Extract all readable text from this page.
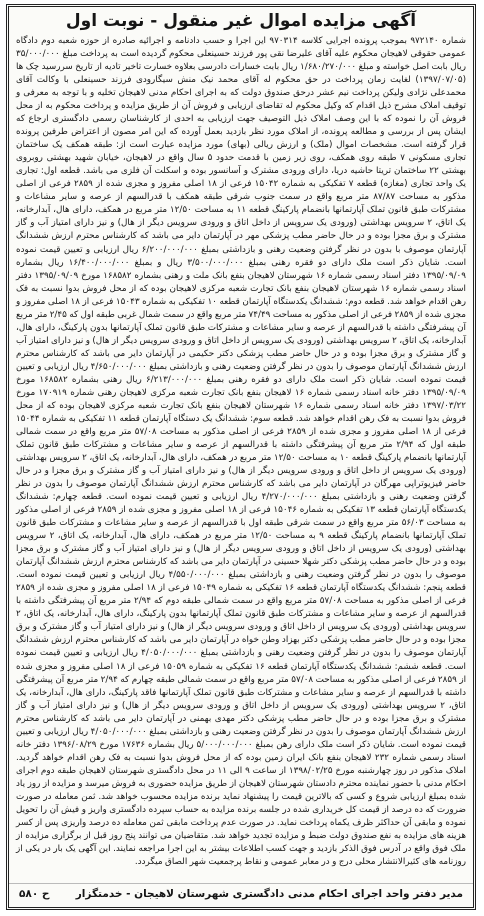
آگهی مزایده اموال غیر منقول - نوبت اول

شماره ۹۷۲۱۴۰ بموجب پرونده اجرایی کلاسه ۹۷۰۳۱۴ این اجرا و حسب دادنامه و اجرائیه صادره از حوزه شعبه دوم دادگاه عمومی حقوقی لاهیجان محکوم علیه آقای علیرضا نقی پور فرزند حسینعلی محکوم گردیده است به پرداخت مبلغ ۳۵/۰۰۰/۰۰۰ ریال بابت اصل خواسته و مبلغ ۱/۶۸۰/۲۷۰/۰۰۰ ریال بابت خسارات دادرسی بعلاوه خسارت تاخیر تادیه از تاریخ سررسید چک ها (۱۳۹۷/۰۷/۰۵) لغایت زمان پرداخت در حق محکوم له آقای محمد نیک منش سیگارودی فرزند حسینعلی با وکالت آقای محمدعلی نژادی ولیکن پرداخت نیم عشر درحق صندوق دولت که به اجرای احکام مدنی لاهیجان تخلیه و با توجه به معرفی و توقیف املاک مشرح ذیل اقدام که وکیل محکوم له تقاضای ارزیابی و فروش آن از طریق مزایده و پرداخت محکوم به از محل فروش آن را نموده که با این وصف املاک ذیل التوصیف جهت ارزیابی به احدی از کارشناسان رسمی دادگستری ارجاع که ایشان پس از بررسی و مطالعه پرونده، از املاک مورد نظر بازدید بعمل آورده که این امر مصون از اعتراض طرفین پرونده قرار گرفته است. مشخصات اموال (ملک) و ارزش ریالی (بهای) مورد مزایده عبارت است از: طبقه همکف یک ساختمان تجاری مسکونی ۷ طبقه روی همکف، روی زیر زمین با قدمت حدود ۵ سال واقع در لاهیجان، خیابان شهید بهشتی روبروی بهشتی ۲۲ ساختمان تریتا حاشیه دریا، دارای ورودی مشترک و آسانسور بوده و اسکلت آن فلزی می باشد. قطعه اول: تجاری یک واحد تجاری (مغازه) قطعه ۷ تفکیکی به شماره ۱۵۰۴۲ فرعی از ۱۸ اصلی مفروز و مجزی شده از ۲۸۵۹ فرعی از اصلی مذکور به مساحت ۸۷/۸۷ متر مربع واقع در سمت جنوب شرقی طبقه همکف با قدرالسهم از عرصه و سایر مشاعات و مشترکات طبق قانون تملک آپارتمانها بانضمام پارکینگ قطعه ۱۱ به مساحت ۱۲/۵۰ متر مربع در همکف، دارای هال، آبدارخانه، یک اتاق، ۲ سرویس بهداشتی (ورودی یک سرویس از داخل اتاق و ورودی سرویس دیگر از هال) و نیز دارای امتیاز آب و گاز مشترک و برق مجزا بوده و در حال حاضر مطب پزشکی مهر در آپارتمان دایر می باشد که کارشناس محترم ارزش ششدانگ آپارتمان موصوف با بدون در نظر گرفتن وضعیت رهنی و بازداشتی بمبلغ ۶/۲۰۰/۰۰۰/۰۰۰ ریال ارزیابی و تعیین قیمت نموده است. شایان ذکر است ملک دارای دو فقره رهنی بمبلغ ۳/۵۰۰/۰۰۰/۰۰۰ ریال و بمبلغ ۱۶/۴۰۰/۰۰۰/۰۰۰ ریال بشماره ۱۳۹۵/۰۹/۰۹ دفتر اسناد رسمی شماره ۱۶ شهرستان لاهیجان بنفع بانک ملت و رهنی بشماره ۱۶۸۵۸۲ مورخ ۱۳۹۵/۰۹/۰۹ دفتر اسناد رسمی شماره ۱۶ شهرستان لاهیجان بنفع بانک تجارت شعبه مرکزی لاهیجان بوده که از محل فروش بدوا نسبت به فک رهن اقدام خواهد شد. قطعه دوم: ششدانگ یکدستگاه آپارتمان قطعه ۱۰ تفکیکی به شماره ۱۵۰۴۳ فرعی از ۱۸ اصلی مفروز و مجزی شده از ۲۸۵۹ فرعی از اصلی مذکور به مساحت ۷۴/۴۹ متر مربع واقع در سمت شمال غربی طبقه اول که ۲/۴۵ متر مربع آن پیشرفتگی داشته با قدرالسهم از عرصه و سایر مشاعات و مشترکات طبق قانون تملک آپارتمانها بدون پارکینگ، دارای هال، آبدارخانه، یک اتاق، ۲ سرویس بهداشتی (ورودی یک سرویس از داخل اتاق و ورودی سرویس دیگر از هال) و نیز دارای امتیاز آب و گاز مشترک و برق مجزا بوده و در حال حاضر مطب پزشکی دکتر حکیمی در آپارتمان دایر می باشد که کارشناس محترم ارزش ششدانگ آپارتمان موصوف را بدون در نظر گرفتن وضعیت رهنی و بازداشتی بمبلغ ۴/۶۵۰/۰۰۰/۰۰۰ ریال ارزیابی و تعیین قیمت نموده است. شایان ذکر است ملک دارای دو فقره رهنی بمبلغ ۶/۲۱۳/۰۰۰/۰۰۰ ریال رهنی بشماره ۱۶۸۵۸۲ مورخ ۱۳۹۵/۰۹/۰۹ دفتر خانه اسناد رسمی شماره ۱۶ لاهیجان بنفع بانک تجارت شعبه مرکزی لاهیجان رهنی شماره ۱۷۰۹۱۹ مورخ ۱۳۹۷/۰۳/۲۲ دفتر خانه اسناد رسمی شماره ۱۶ شهرستان لاهیجان بنفع بانک تجارت شعبه مرکزی لاهیجان بوده که از محل فروش بدوا نسبت به فک رهن اقدام خواهد شد. قطعه سوم: ششدانگ یک دستگاه آپارتمان قطعه ۱۱ تفکیکی به شماره ۱۵۰۴۴ فرعی از ۱۸ اصلی مفروز و مجزی شده از ۲۸۵۹ فرعی از اصلی مذکور به مساحت ۵۷/۰۸ متر مربع واقع در سمت شمالی طبقه اول که ۲/۹۴ متر مربع آن پیشرفتگی داشته با قدرالسهم از عرصه و سایر مشاعات و مشترکات طبق قانون تملک آپارتمانها بانضمام پارکینگ قطعه ۱۰ به مساحت ۱۲/۵۰ متر مربع در همکف، دارای هال، آبدارخانه، یک اتاق، ۲ سرویس بهداشتی (ورودی یک سرویس از داخل اتاق و ورودی سرویس دیگر از هال) و نیز دارای امتیاز آب و گاز مشترک و برق مجزا و در حال حاضر فیزیوتراپی مهرگان در آپارتمان دایر می باشد که کارشناس محترم ارزش ششدانگ آپارتمان موصوف را بدون در نظر گرفتن وضعیت رهنی و بازداشتی بمبلغ ۴/۲۷۰/۰۰۰/۰۰۰ ریال ارزیابی و تعیین قیمت نموده است. قطعه چهارم: ششدانگ یکدستگاه آپارتمان قطعه ۱۳ تفکیکی به شماره ۱۵۰۴۶ فرعی از ۱۸ اصلی مفروز و مجزی شده از ۲۸۵۹ فرعی از اصلی مذکور به مساحت ۵۶/۰۳ متر مربع واقع در سمت شرقی طبقه اول با قدرالسهم از عرصه و سایر مشاعات و مشترکات طبق قانون تملک آپارتمانها بانضمام پارکینگ قطعه ۹ به مساحت ۱۲/۵۰ متر مربع در همکف، دارای هال، آبدارخانه، یک اتاق، ۲ سرویس بهداشتی (ورودی یک سرویس از داخل اتاق و ورودی سرویس دیگر از هال) و نیز دارای امتیاز آب و گاز مشترک و برق مجزا بوده و در حال حاضر مطب پزشکی دکتر شهلا حسینی در آپارتمان دایر می باشد که کارشناس محترم ارزش ششدانگ آپارتمان موصوف را بدون در نظر گرفتن وضعیت رهنی و بازداشتی بمبلغ ۴/۵۵۰/۰۰۰/۰۰۰ ریال ارزیابی و تعیین قیمت نموده است. قطعه پنجم: ششدانگ یکدستگاه آپارتمان قطعه ۱۶ تفکیکی به شماره ۱۵۰۴۹ فرعی از ۱۸ اصلی مفروز و مجزی شده از ۲۸۵۹ فرعی از اصلی مذکور به مساحت ۵۷/۰۸ متر مربع واقع در سمت شمالی طبقه دوم که ۲/۹۴ متر مربع آن پیشرفتگی داشته با قدرالسهم از عرصه و سایر مشاعات و مشترکات طبق قانون تملک آپارتمانها بدون پارکینگ، دارای هال، آبدارخانه، یک اتاق، ۲ سرویس بهداشتی (ورودی یک سرویس از داخل اتاق و ورودی سرویس دیگر از هال) و نیز دارای امتیاز آب و گاز مشترک و برق مجزا بوده و در حال حاضر مطب پزشکی دکتر بهزاد وطن خواه در آپارتمان دایر می باشد که کارشناس محترم ارزش ششدانگ آپارتمان موصوف را بدون در نظر گرفتن وضعیت رهنی و بازداشتی بمبلغ ۴/۰۵۰/۰۰۰/۰۰۰ ریال ارزیابی و تعیین قیمت نموده است. قطعه ششم: ششدانگ یکدستگاه آپارتمان قطعه ۱۶ تفکیکی به شماره ۱۵۰۵۹ فرعی از ۱۸ اصلی مفروز و مجزی شده از ۲۸۵۹ فرعی از اصلی مذکور به مساحت ۵۷/۰۸ متر مربع واقع در سمت شمالی طبقه چهارم که ۲/۹۴ متر مربع آن پیشرفتگی داشته با قدرالسهم از عرصه و سایر مشاعات و مشترکات طبق قانون تملک آپارتمانها فاقد پارکینگ، دارای هال، آبدارخانه، یک اتاق، ۲ سرویس بهداشتی (ورودی یک سرویس از داخل اتاق و ورودی سرویس دیگر از هال) و نیز دارای امتیاز آب و گاز مشترک و برق مجزا بوده و در حال حاضر مطب پزشکی دکتر مهدی بهمنی در آپارتمان دایر می باشد که کارشناس محترم ارزش ششدانگ آپارتمان موصوف را بدون در نظر گرفتن وضعیت رهنی و بازداشتی بمبلغ ۴/۰۵۰/۰۰۰/۰۰۰ ریال ارزیابی و تعیین قیمت نموده است. شایان ذکر است ملک دارای رهن بمبلغ ۵/۰۰۰/۰۰۰/۰۰۰ ریال بشماره ۱۷۶۳۶ مورخ ۱۳۹۶/۰۸/۲۹ دفتر خانه اسناد رسمی شماره ۲۳۲ لاهیجان بنفع بانک ایران زمین بوده که از محل فروش بدوا نسبت به فک رهن اقدام خواهد گردید. املاک مذکور در روز چهارشنبه مورخ ۱۳۹۸/۰۲/۲۵ از ساعت ۹ الی ۱۱ در محل دادگستری شهرستان لاهیجان طبقه دوم اجرای احکام مدنی با حضور نماینده محترم دادستان شهرستان لاهیجان از طریق مزایده حضوری به فروش میرسد و مزایده از روز یاد شده بمبلغ ارزیابی شروع و کسی که بالاترین قیمت را پیشنهاد نماید برنده مزایده محسوب خواهد شد. ثمن معامله در صورت ضرورت که ده درصد از قیمت کل خریداری شده در جلسه برنده مزایده به حساب سپرده دادگستری واریز و فیش آن را تحویل نموده و مابقی آن حداکثر ظرف یکماه پرداخت نماید. در صورت عدم پرداخت مابقی ثمن معامله ده درصد واریزی پس از کسر هزینه های مزایده به نفع صندوق دولت ضبط و مزایده تجدید خواهد شد. متقاضیان می توانند پنج روز قبل از برگزاری مزایده از ملک فوق واقع در آدرس فوق الذکر بازدید و جهت کسب اطلاعات بیشتر به این اجرا مراجعه نمایند. این آگهی یک بار در یکی از روزنامه های کثیرالانتشار محلی درج و در معابر عمومی و نقاط پرجمعیت شهر الصاق میگردد.

مدیر دفتر واحد اجرای احکام مدنی دادگستری شهرستان لاهیجان - خدمتگزار
ح ۵۸۰
